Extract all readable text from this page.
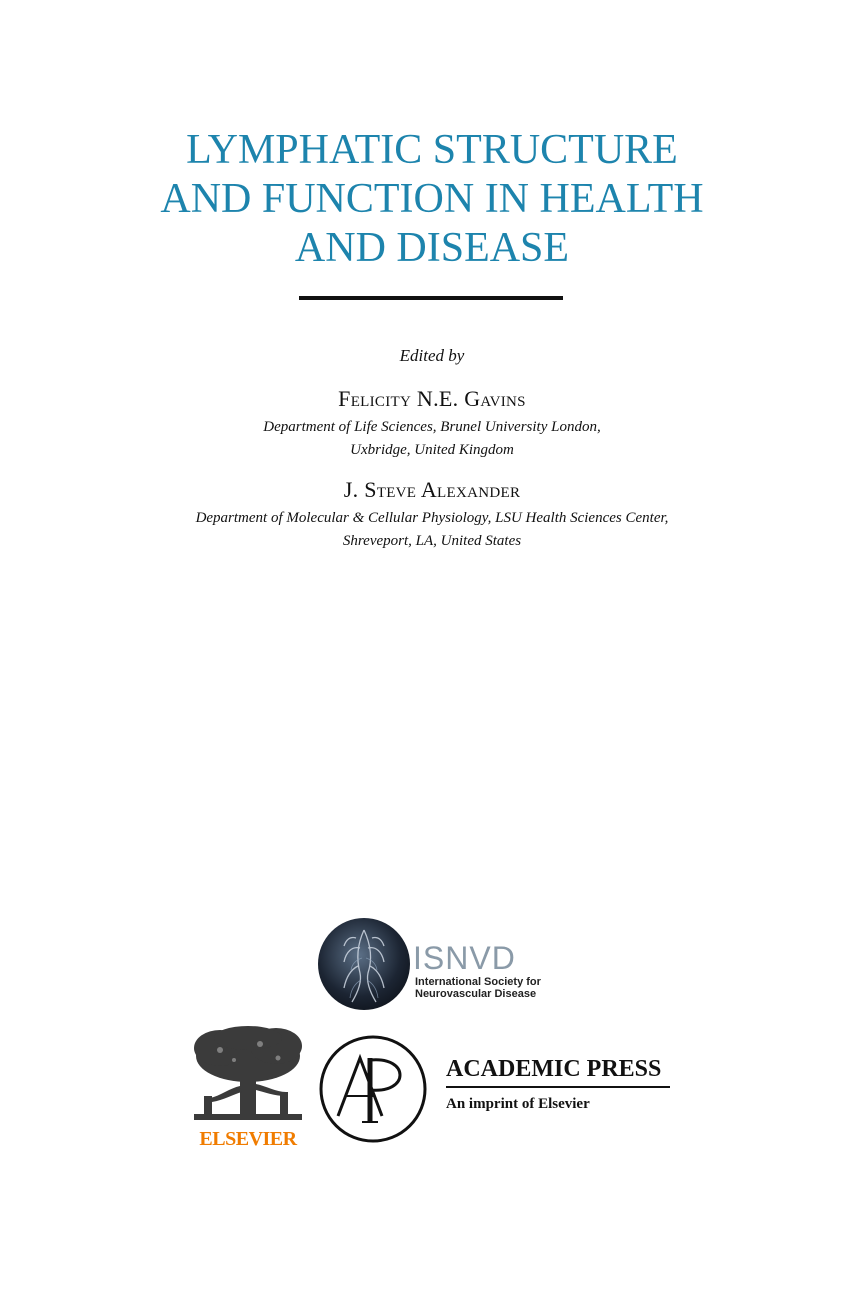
LYMPHATIC STRUCTURE
AND FUNCTION IN HEALTH
AND DISEASE
Edited by
Felicity N.E. Gavins
Department of Life Sciences, Brunel University London,
Uxbridge, United Kingdom
J. Steve Alexander
Department of Molecular & Cellular Physiology, LSU Health Sciences Center,
Shreveport, LA, United States
ISNVD
International Society for
Neurovascular Disease
ELSEVIER
ACADEMIC PRESS
An imprint of Elsevier
